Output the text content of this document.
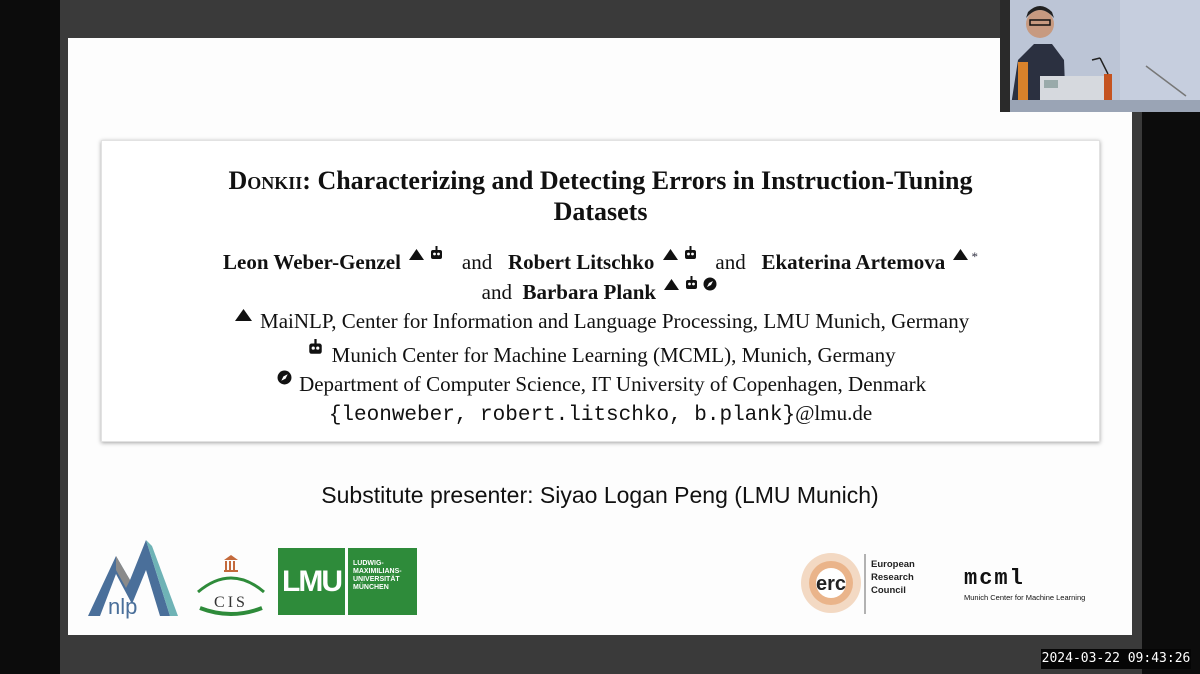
Donkii: Characterizing and Detecting Errors in Instruction-Tuning
Datasets
Leon Weber-Genzel	and Robert Litschko	and Ekaterina Artemova *
and Barbara Plank
MaiNLP, Center for Information and Language Processing, LMU Munich, Germany
Munich Center for Machine Learning (MCML), Munich, Germany
Department of Computer Science, IT University of Copenhagen, Denmark
{leonweber, robert.litschko, b.plank}@lmu.de
Substitute presenter: Siyao Logan Peng (LMU Munich)
nlp	CIS
LMU
LUDWIG-
MAXIMILIANS-
UNIVERSITÄT
MÜNCHEN	erc
European
Research
Council	mcml
Munich Center for Machine Learning
2024-03-22 09:43:26
